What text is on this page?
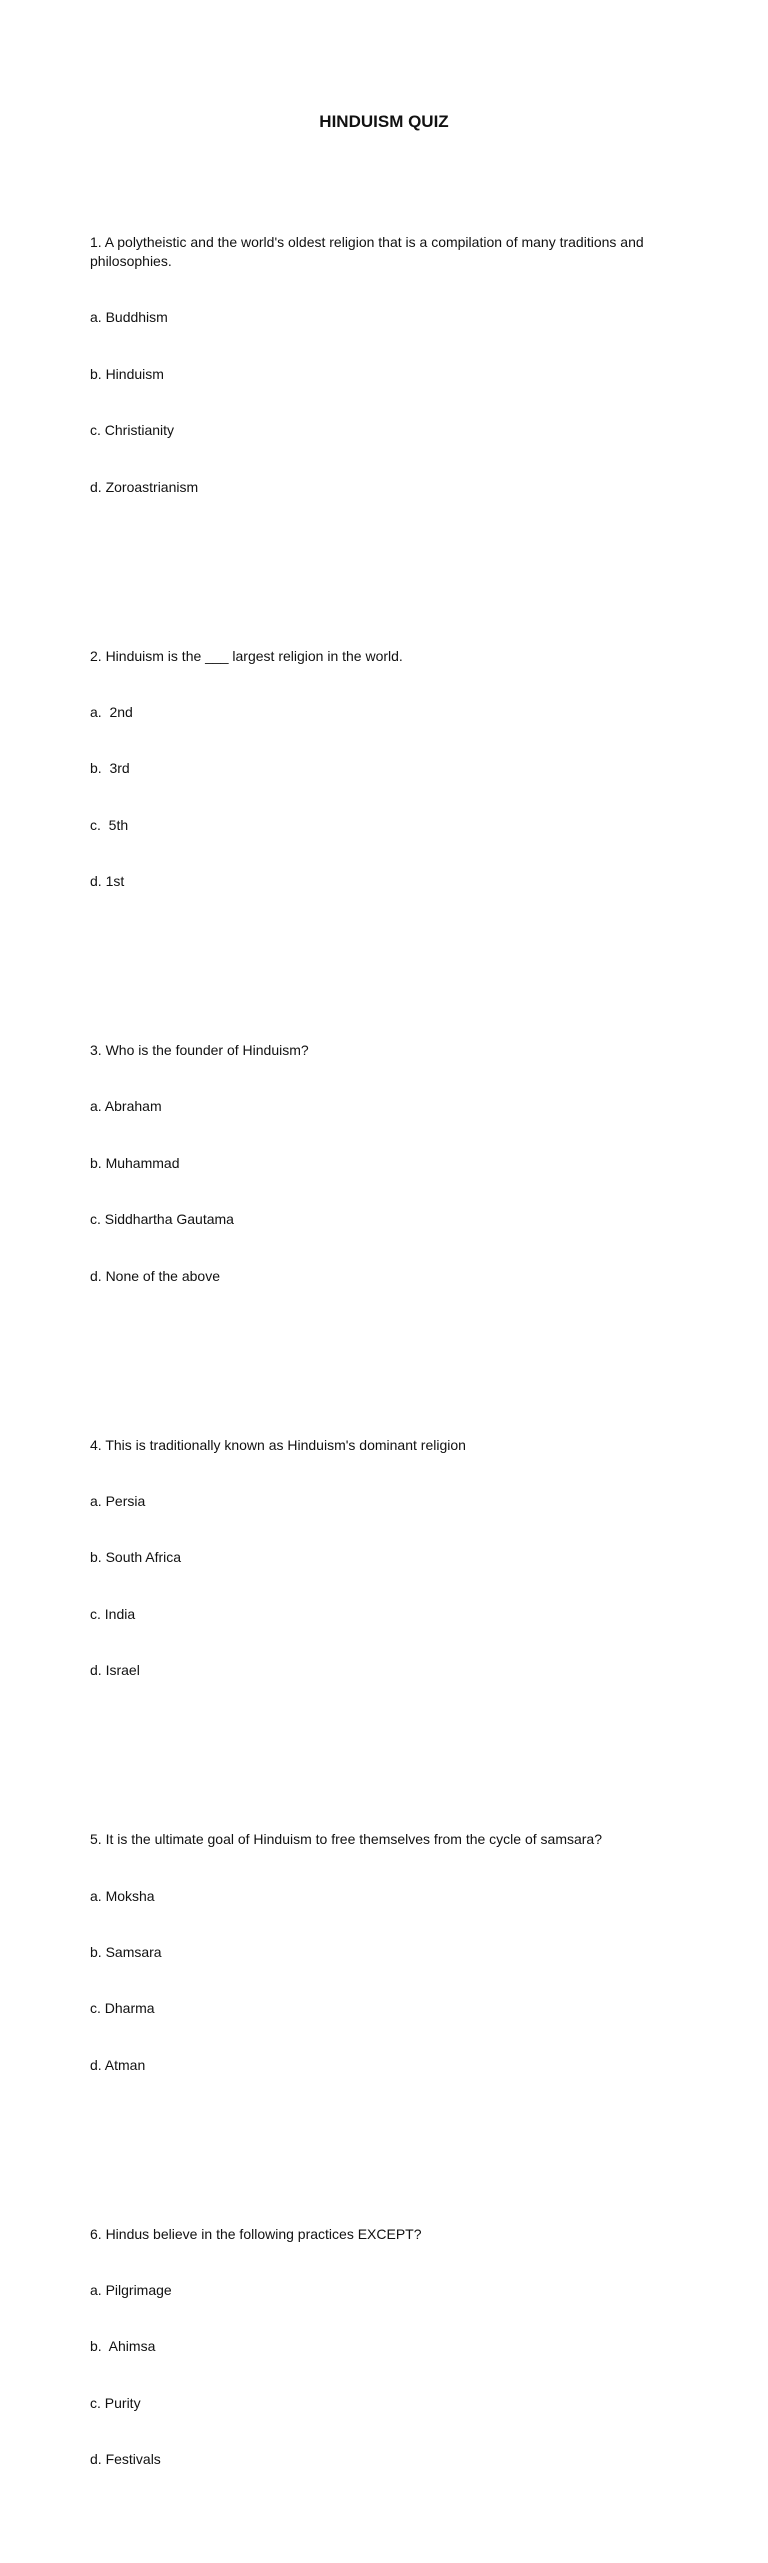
HINDUISM QUIZ

1. A polytheistic and the world's oldest religion that is a compilation of many traditions and philosophies.

a. Buddhism

b. Hinduism

c. Christianity

d. Zoroastrianism

2. Hinduism is the ___ largest religion in the world.

a.  2nd

b.  3rd

c.  5th

d. 1st

3. Who is the founder of Hinduism?

a. Abraham

b. Muhammad

c. Siddhartha Gautama

d. None of the above

4. This is traditionally known as Hinduism's dominant religion

a. Persia

b. South Africa

c. India

d. Israel

5. It is the ultimate goal of Hinduism to free themselves from the cycle of samsara?

a. Moksha

b. Samsara

c. Dharma

d. Atman

6. Hindus believe in the following practices EXCEPT?

a. Pilgrimage

b.  Ahimsa

c. Purity

d. Festivals
